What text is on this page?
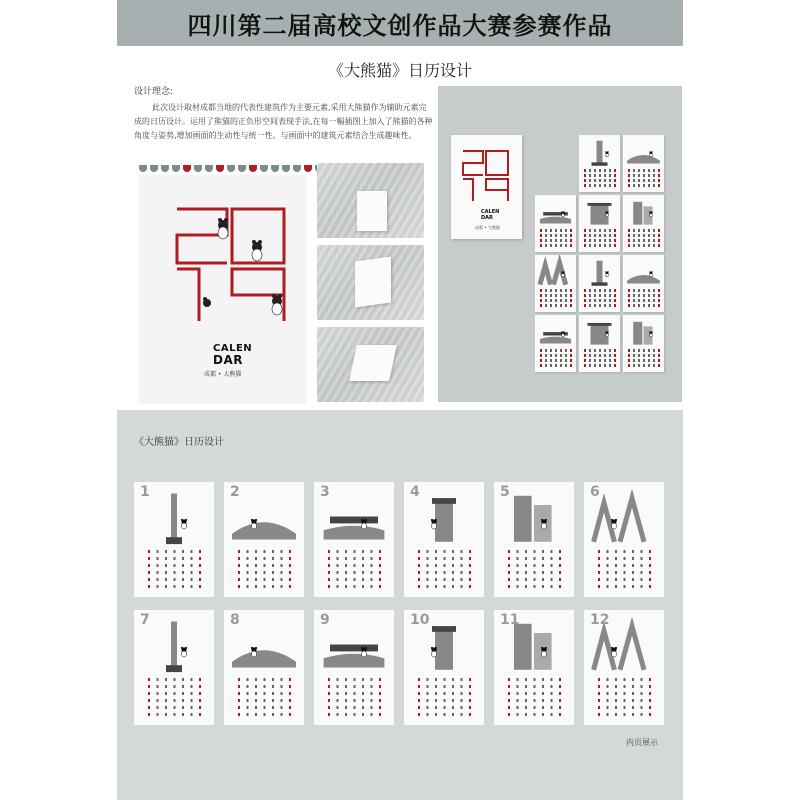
四川第二届高校文创作品大赛参赛作品
《大熊猫》日历设计
设计理念:

此次设计取材成都当地的代表性建筑作为主要元素,采用大熊猫作为辅助元素完成的日历设计。运用了熊猫的正负形空间表现手法,在每一幅插图上加入了熊猫的各种角度与姿势,增加画面的生动性与统一性。与画面中的建筑元素结合生成趣味性。

CALEN
DAR
成都 • 大熊猫
CALEN
DAR
成都 • 大熊猫
《大熊猫》日历设计
1	2	3	4	5	6
7	8	9	10	11	12
内页展示
